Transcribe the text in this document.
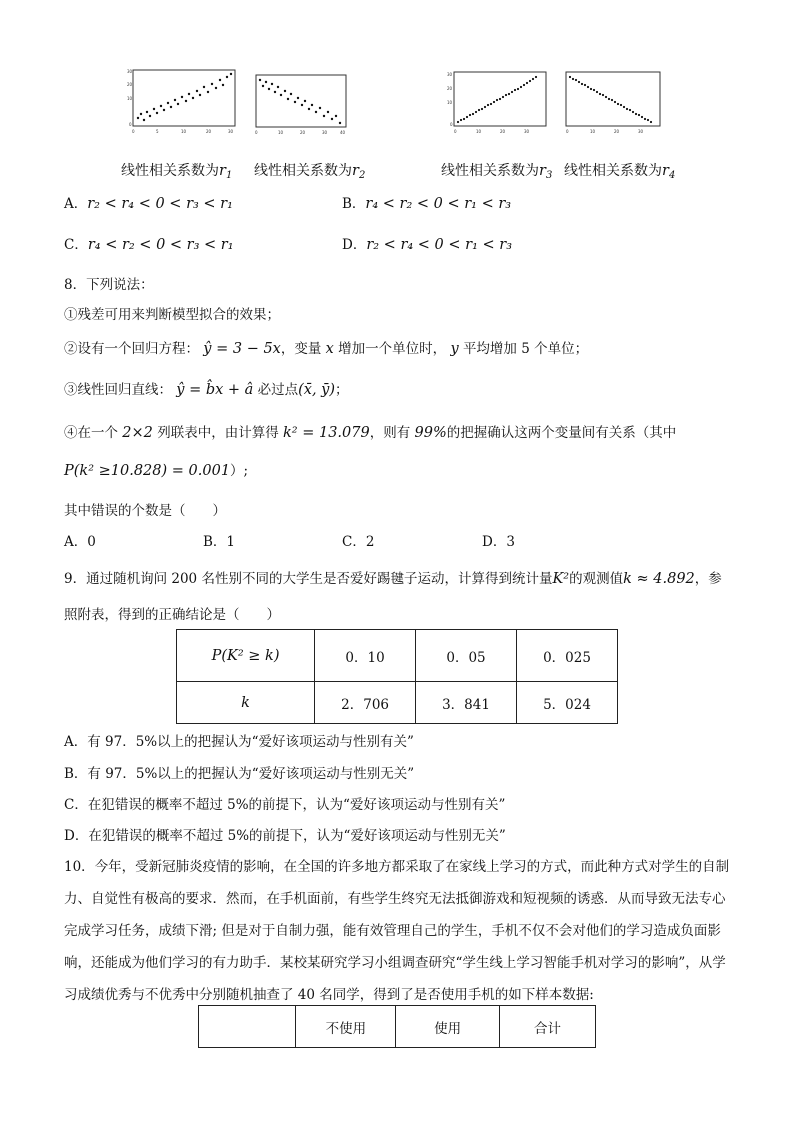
30
20
10
0
0	5	10	20	30	0	10	20	30	40
30
20
10
0
0	10	20	30	0	10	20	30
线性相关系数为$r_1$ 线性相关系数为$r_2$	线性相关系数为$r_3$ 线性相关系数为$r_4$
A．r₂ < r₄ < 0 < r₃ < r₁	B．r₄ < r₂ < 0 < r₁ < r₃
C．r₄ < r₂ < 0 < r₃ < r₁	D．r₂ < r₄ < 0 < r₁ < r₃
8．下列说法：
①残差可用来判断模型拟合的效果；
②设有一个回归方程： ŷ = 3 − 5x，变量 x 增加一个单位时， y 平均增加 5 个单位；
③线性回归直线： ŷ = b̂x + â 必过点(x̄, ȳ)；
④在一个 2×2 列联表中，由计算得 k² = 13.079，则有 99%的把握确认这两个变量间有关系（其中
P(k² ≥10.828) = 0.001）;
其中错误的个数是（　　）
A．0	B．1	C．2	D．3
9．通过随机询问 200 名性别不同的大学生是否爱好踢毽子运动，计算得到统计量K²的观测值k ≈ 4.892，参
照附表，得到的正确结论是（　　）
P(K² ≥ k)	0．10	0．05	0．025
k	2．706	3．841	5．024
A．有 97．5%以上的把握认为“爱好该项运动与性别有关”
B．有 97．5%以上的把握认为“爱好该项运动与性别无关”
C．在犯错误的概率不超过 5%的前提下，认为“爱好该项运动与性别有关”
D．在犯错误的概率不超过 5%的前提下，认为“爱好该项运动与性别无关”
10．今年，受新冠肺炎疫情的影响，在全国的许多地方都采取了在家线上学习的方式，而此种方式对学生的自制力、自觉性有极高的要求．然而，在手机面前，有些学生终究无法抵御游戏和短视频的诱惑．从而导致无法专心完成学习任务，成绩下滑; 但是对于自制力强，能有效管理自己的学生，手机不仅不会对他们的学习造成负面影响，还能成为他们学习的有力助手．某校某研究学习小组调查研究“学生线上学习智能手机对学习的影响”，从学习成绩优秀与不优秀中分别随机抽查了 40 名同学，得到了是否使用手机的如下样本数据:
	不使用	使用	合计
